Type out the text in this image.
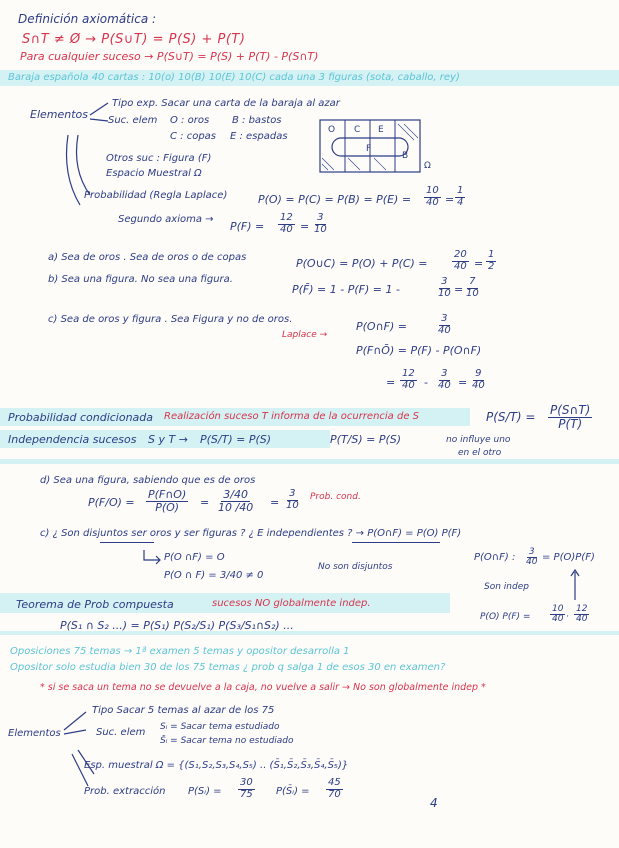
Definición axiomática :
S∩T ≠ Ø → P(S∪T) = P(S) + P(T)
Para cualquier suceso → P(S∪T) = P(S) + P(T) - P(S∩T)
Baraja española 40 cartas : 10(o) 10(B) 10(E) 10(C) cada una 3 figuras (sota, caballo, rey)
Elementos
Tipo exp. Sacar una carta de la baraja al azar
Suc. elem O : oros B : bastos
C : copas E : espadas
Otros suc : Figura (F)
Espacio Muestral Ω
O C E
B
F
Ω
Probabilidad (Regla Laplace)	$P(O) = P(C) = P(B) = P(E) = \frac{10}{40} = \frac{1}{4}$
Segundo axioma →
$P(F) = \frac{12}{40} = \frac{3}{10}$
a) Sea de oros . Sea de oros o de copas	P(O∪C) = $P(O) + P(C) = \frac{20}{40} = \frac{1}{2}$
b) Sea una figura. No sea una figura.
P(F̄) = 1 - P(F) = 1 -	$\frac{3}{10} = \frac{7}{10}$
c) Sea de oros y figura . Sea Figura y no de oros.
Laplace →
P(O∩F) =	$\frac{3}{40}$
P(F∩Ō) = P(F) - P(O∩F)
= $\frac{12}{40} - \frac{3}{40} = \frac{9}{40}$
Probabilidad condicionada Realización suceso T informa de la ocurrencia de S	$P(S/T) = \frac{P(S\cap T)}{P(T)}$
Independencia sucesos S y T → P(S/T) = P(S)	P(T/S) = P(S)	no influye uno
en el otro
d) Sea una figura, sabiendo que es de oros
$P(F/O) = \frac{P(F\cap O)}{P(O)} = \frac{3/40}{10 /40} = \frac{3}{10}$ Prob. cond.
c) ¿ Son disjuntos ser oros y ser figuras ? ¿ E independientes ? → P(O∩F) = P(O) P(F)
P(O ∩F) = O
P(O ∩ F) = 3/40 ≠ 0
No son disjuntos
P(O∩F) : $\frac{3}{40} = P(O)P(F)$
Son indep
P(O) $P(F) = \frac{10}{40} \cdot \frac{12}{40}$
Teorema de Prob compuesta	sucesos NO globalmente indep.
P(S₁ ∩ S₂ ...) = P(S₁) P(S₂/S₁) P(S₃/S₁∩S₂) ...
Oposiciones 75 temas → 1ª examen 5 temas y opositor desarrolla 1
Opositor solo estudia bien 30 de los 75 temas ¿ prob q salga 1 de esos 30 en examen?
* si se saca un tema no se devuelve a la caja, no vuelve a salir → No son globalmente indep *
Elementos
Tipo Sacar 5 temas al azar de los 75
Suc. elem Sᵢ = Sacar tema estudiado
S̄ᵢ = Sacar tema no estudiado
Esp. muestral Ω = {(S₁,S₂,S₃,S₄,S₅) .. (S̄₁,S̄₂,S̄₃,S̄₄,S̄₅)}
Prob. extracción P(Sᵢ) = $\frac{30}{75}$ P(S̄ᵢ) = $\frac{45}{70}$
4
